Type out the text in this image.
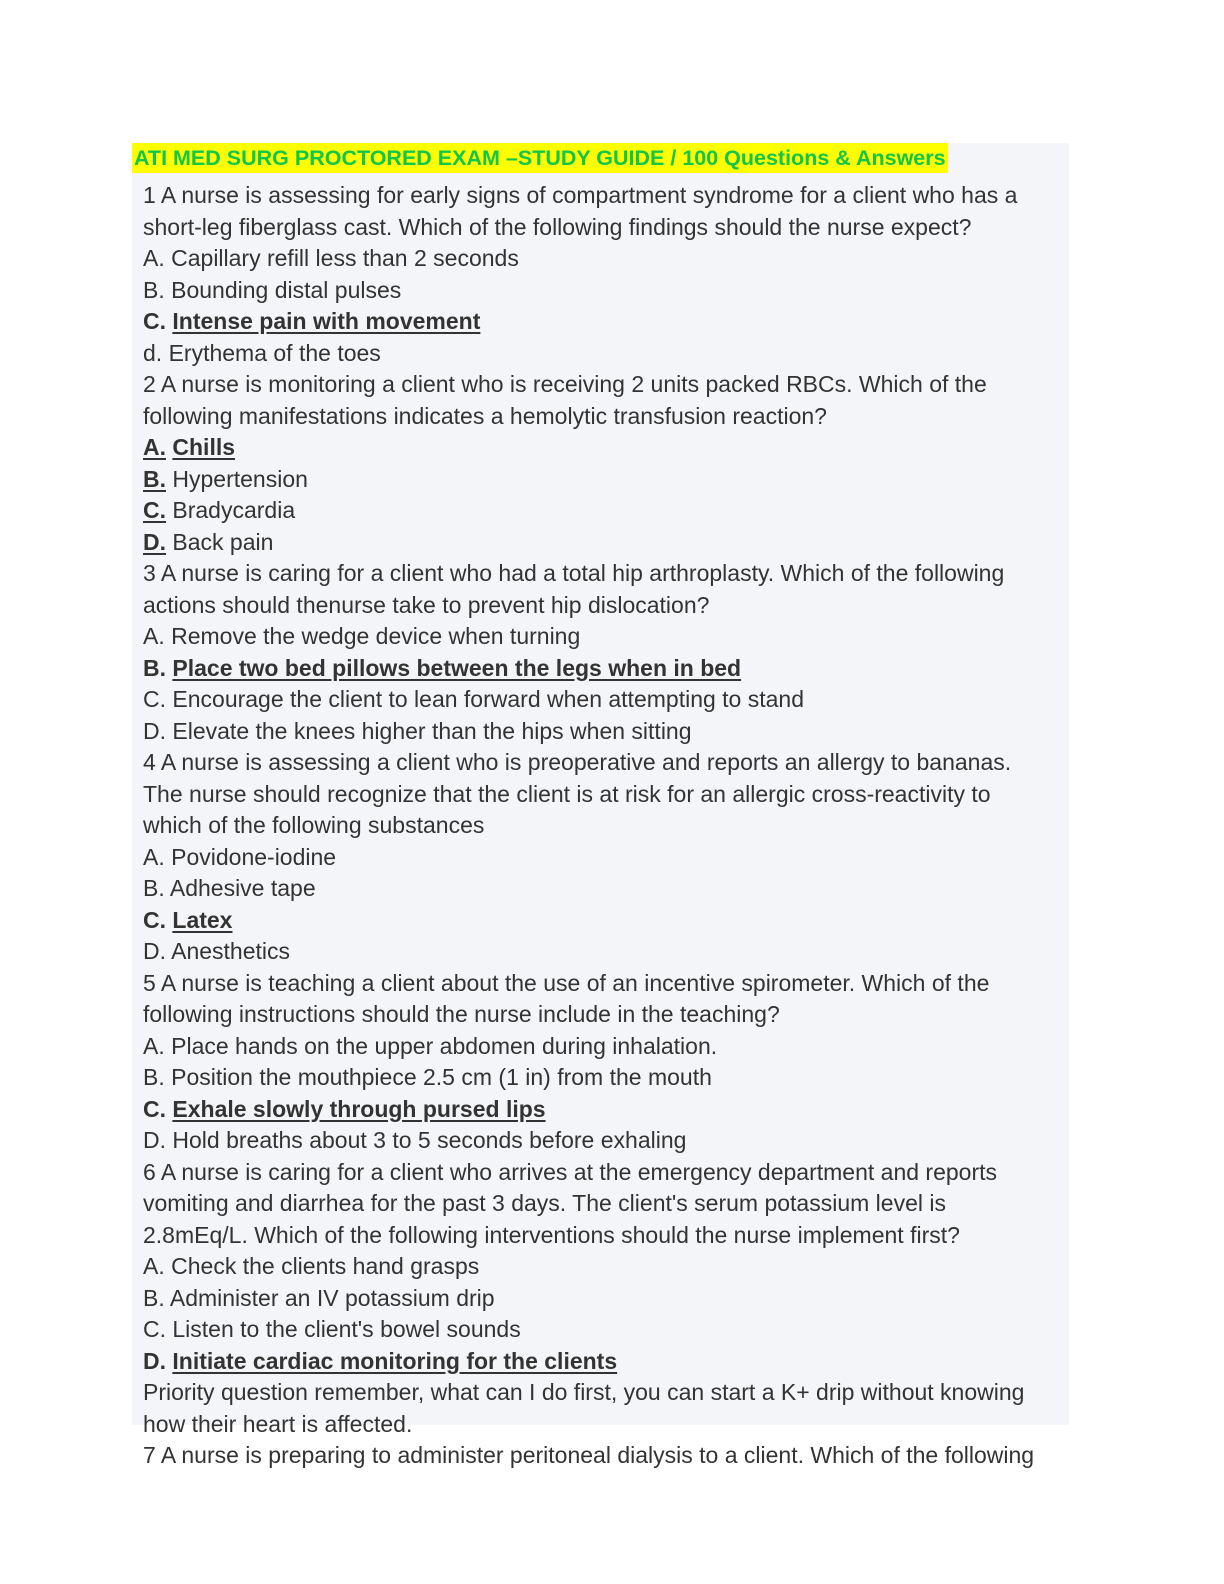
ATI MED SURG PROCTORED EXAM –STUDY GUIDE / 100 Questions & Answers
1 A nurse is assessing for early signs of compartment syndrome for a client who has a
short-leg fiberglass cast. Which of the following findings should the nurse expect?
A. Capillary refill less than 2 seconds
B. Bounding distal pulses
C. Intense pain with movement
d. Erythema of the toes
2 A nurse is monitoring a client who is receiving 2 units packed RBCs. Which of the
following manifestations indicates a hemolytic transfusion reaction?
A. Chills
B. Hypertension
C. Bradycardia
D. Back pain
3 A nurse is caring for a client who had a total hip arthroplasty. Which of the following
actions should thenurse take to prevent hip dislocation?
A. Remove the wedge device when turning
B. Place two bed pillows between the legs when in bed
C. Encourage the client to lean forward when attempting to stand
D. Elevate the knees higher than the hips when sitting
4 A nurse is assessing a client who is preoperative and reports an allergy to bananas.
The nurse should recognize that the client is at risk for an allergic cross-reactivity to
which of the following substances
A. Povidone-iodine
B. Adhesive tape
C. Latex
D. Anesthetics
5 A nurse is teaching a client about the use of an incentive spirometer. Which of the
following instructions should the nurse include in the teaching?
A. Place hands on the upper abdomen during inhalation.
B. Position the mouthpiece 2.5 cm (1 in) from the mouth
C. Exhale slowly through pursed lips
D. Hold breaths about 3 to 5 seconds before exhaling
6 A nurse is caring for a client who arrives at the emergency department and reports
vomiting and diarrhea for the past 3 days. The client's serum potassium level is
2.8mEq/L. Which of the following interventions should the nurse implement first?
A. Check the clients hand grasps
B. Administer an IV potassium drip
C. Listen to the client's bowel sounds
D. Initiate cardiac monitoring for the clients
Priority question remember, what can I do first, you can start a K+ drip without knowing
how their heart is affected.
7 A nurse is preparing to administer peritoneal dialysis to a client. Which of the following
